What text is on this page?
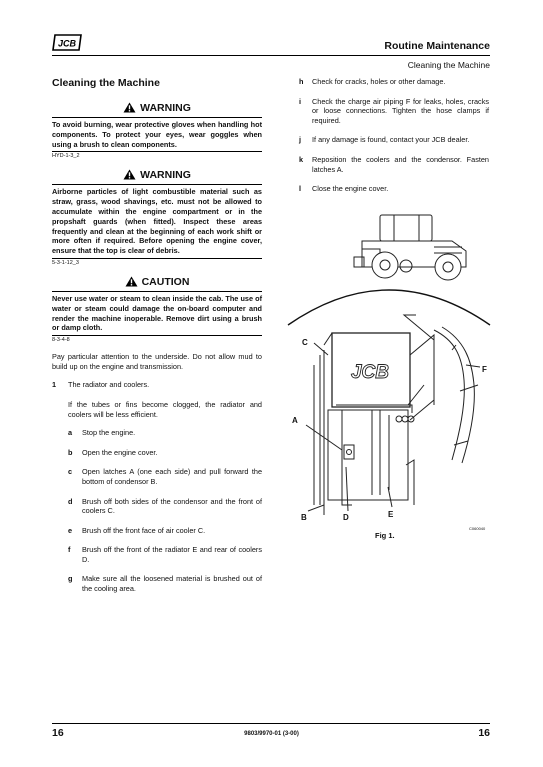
JCB	Routine Maintenance
Cleaning the Machine
Cleaning the Machine
WARNING
To avoid burning, wear protective gloves when handling hot components. To protect your eyes, wear goggles when using a brush to clean components.
HYD-1-3_2
WARNING
Airborne particles of light combustible material such as straw, grass, wood shavings, etc. must not be allowed to accumulate within the engine compartment or in the propshaft guards (when fitted). Inspect these areas frequently and clean at the beginning of each work shift or more often if required. Before opening the engine cover, ensure that the top is clear of debris.
5-3-1-12_3
CAUTION
Never use water or steam to clean inside the cab. The use of water or steam could damage the on-board computer and render the machine inoperable. Remove dirt using a brush or damp cloth.
8-3-4-8

Pay particular attention to the underside. Do not allow mud to build up on the engine and transmission.

1 The radiator and coolers.

If the tubes or fins become clogged, the radiator and coolers will be less efficient.

a Stop the engine.
b Open the engine cover.
c Open latches A (one each side) and pull forward the bottom of condensor B.
d Brush off both sides of the condensor and the front of coolers C.
e Brush off the front face of air cooler C.
f Brush off the front of the radiator E and rear of coolers D.
g Make sure all the loosened material is brushed out of the cooling area.
h Check for cracks, holes or other damage.
i Check the charge air piping F for leaks, holes, cracks or loose connections. Tighten the hose clamps if required.
j If any damage is found, contact your JCB dealer.
k Reposition the coolers and the condensor. Fasten latches A.
l Close the engine cover.
JCB
C
A
F
B	D	E
Fig 1.
C060040
16	9803/9970-01 (3-00)	16
